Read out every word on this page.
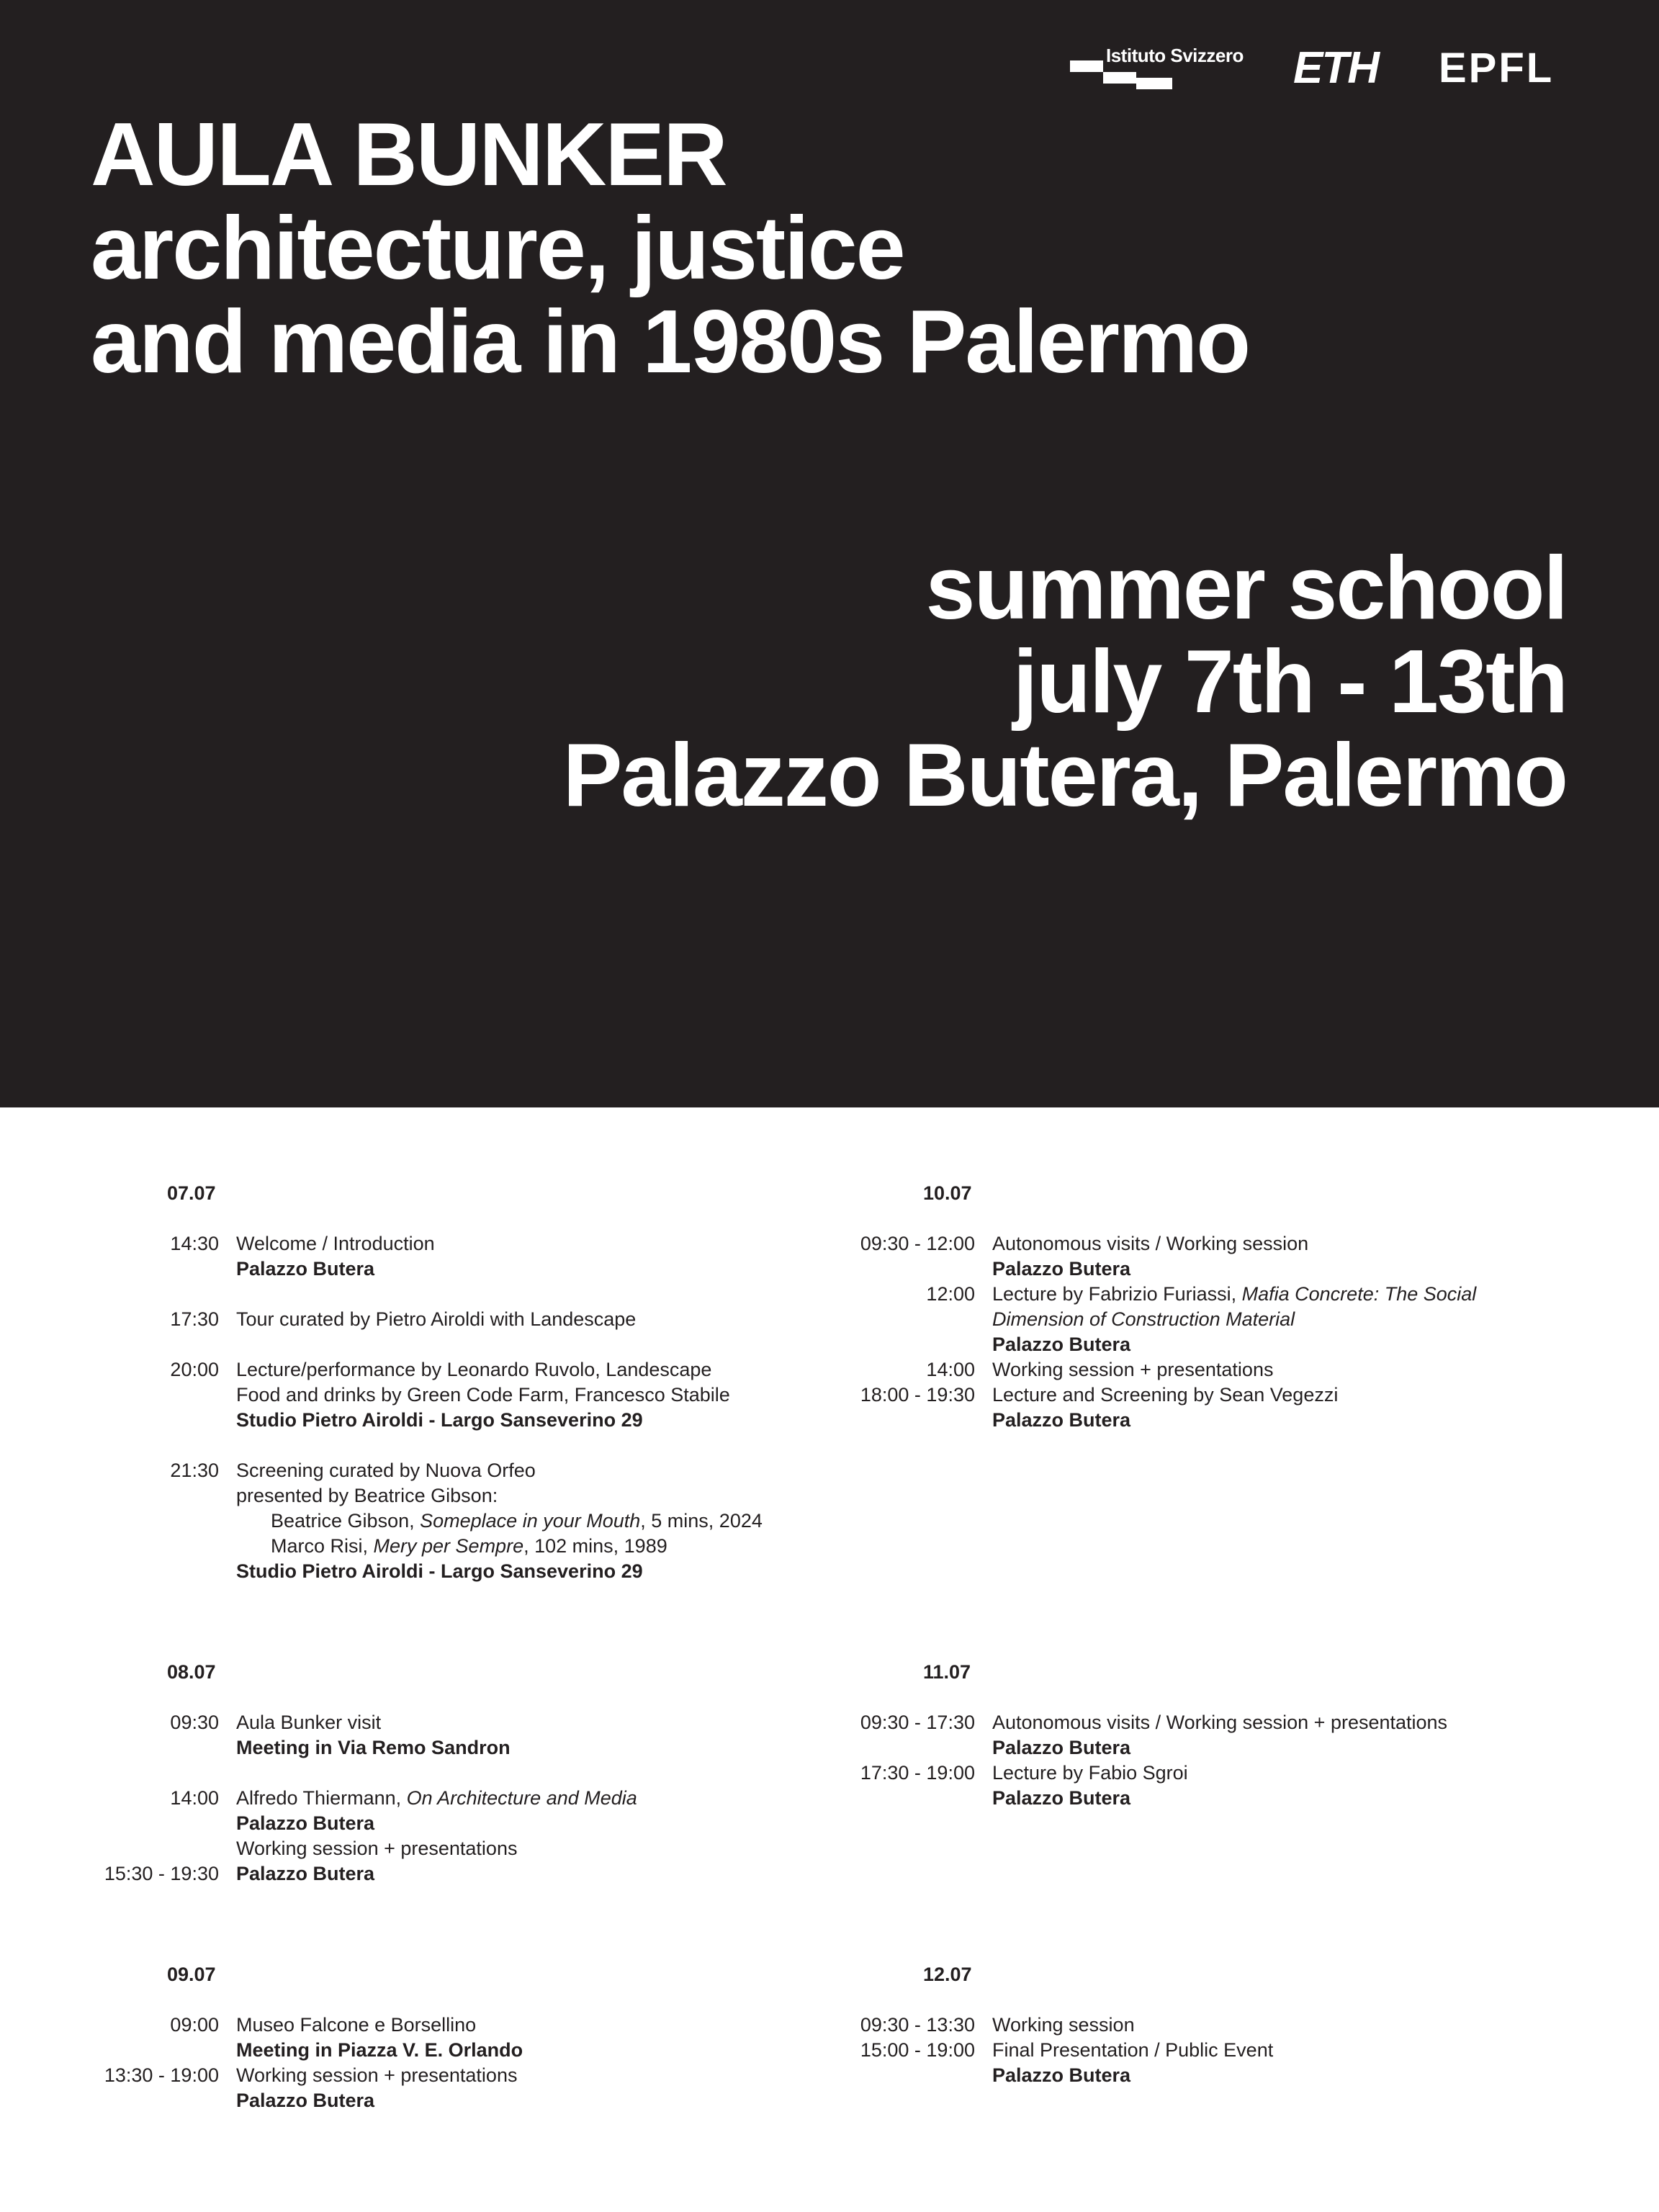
Istituto Svizzero ETH EPFL
AULA BUNKER
architecture, justice
and media in 1980s Palermo
summer school
july 7th - 13th
Palazzo Butera, Palermo
07.07
14:30 Welcome / Introduction
Palazzo Butera
17:30 Tour curated by Pietro Airoldi with Landescape
20:00 Lecture/performance by Leonardo Ruvolo, Landescape
Food and drinks by Green Code Farm, Francesco Stabile
Studio Pietro Airoldi - Largo Sanseverino 29
21:30 Screening curated by Nuova Orfeo
presented by Beatrice Gibson:
Beatrice Gibson, Someplace in your Mouth, 5 mins, 2024
Marco Risi, Mery per Sempre, 102 mins, 1989
Studio Pietro Airoldi - Largo Sanseverino 29
08.07
09:30 Aula Bunker visit
Meeting in Via Remo Sandron
14:00 Alfredo Thiermann, On Architecture and Media
Palazzo Butera
Working session + presentations
15:30 - 19:30 Palazzo Butera
09.07
09:00 Museo Falcone e Borsellino
Meeting in Piazza V. E. Orlando
13:30 - 19:00 Working session + presentations
Palazzo Butera
10.07
09:30 - 12:00 Autonomous visits / Working session
Palazzo Butera
12:00 Lecture by Fabrizio Furiassi, Mafia Concrete: The Social
Dimension of Construction Material
Palazzo Butera
14:00 Working session + presentations
18:00 - 19:30 Lecture and Screening by Sean Vegezzi
Palazzo Butera
11.07
09:30 - 17:30 Autonomous visits / Working session + presentations
Palazzo Butera
17:30 - 19:00 Lecture by Fabio Sgroi
Palazzo Butera
12.07
09:30 - 13:30 Working session
15:00 - 19:00 Final Presentation / Public Event
Palazzo Butera
